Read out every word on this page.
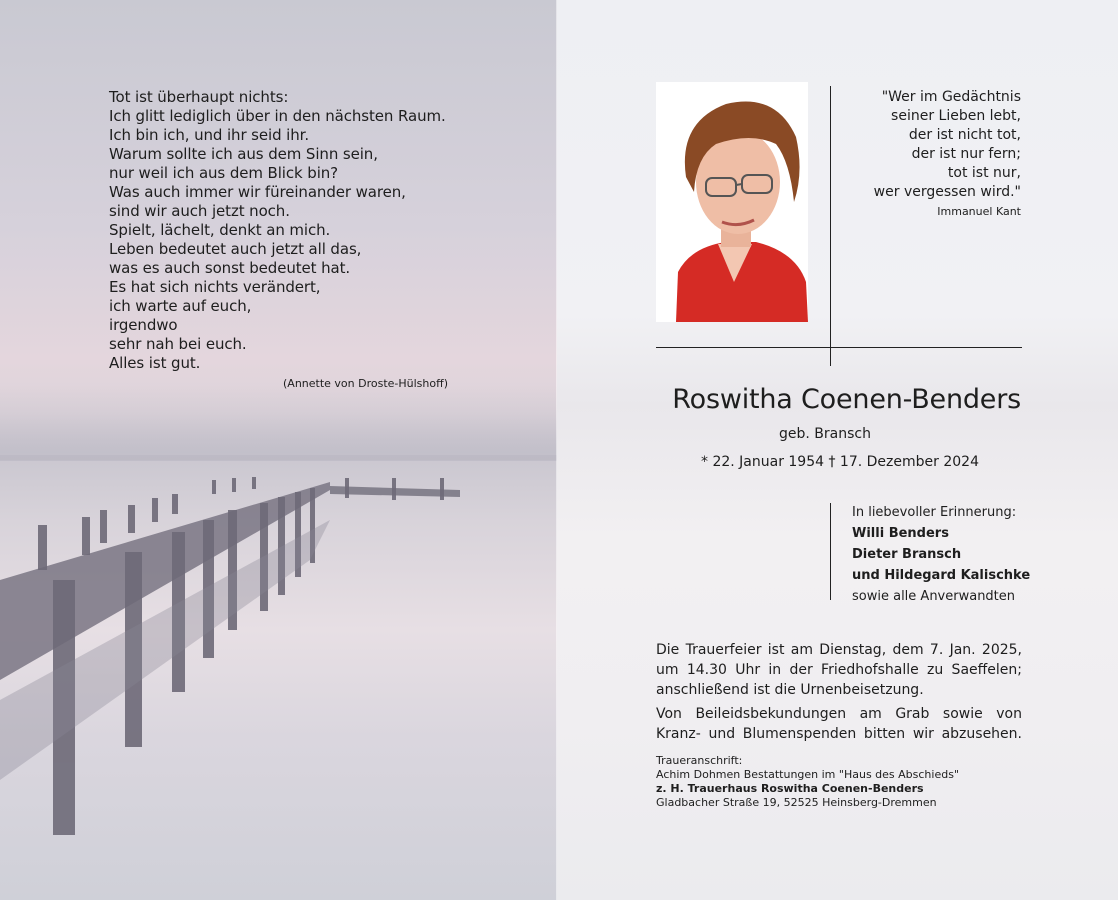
Tot ist überhaupt nichts:
Ich glitt lediglich über in den nächsten Raum.
Ich bin ich, und ihr seid ihr.
Warum sollte ich aus dem Sinn sein,
nur weil ich aus dem Blick bin?
Was auch immer wir füreinander waren,
sind wir auch jetzt noch.
Spielt, lächelt, denkt an mich.
Leben bedeutet auch jetzt all das,
was es auch sonst bedeutet hat.
Es hat sich nichts verändert,
ich warte auf euch,
irgendwo
sehr nah bei euch.
Alles ist gut.
(Annette von Droste-Hülshoff)
"Wer im Gedächtnis
seiner Lieben lebt,
der ist nicht tot,
der ist nur fern;
tot ist nur,
wer vergessen wird."
Immanuel Kant
Roswitha Coenen-Benders
geb. Bransch
* 22. Januar 1954 † 17. Dezember 2024
In liebevoller Erinnerung:
Willi Benders
Dieter Bransch
und Hildegard Kalischke
sowie alle Anverwandten

Die Trauerfeier ist am Dienstag, dem 7. Jan. 2025,
um 14.30 Uhr in der Friedhofshalle zu Saeffelen;
anschließend ist die Urnenbeisetzung.

Von Beileidsbekundungen am Grab sowie von
Kranz- und Blumenspenden bitten wir abzusehen.

Traueranschrift:
Achim Dohmen Bestattungen im "Haus des Abschieds"
z. H. Trauerhaus Roswitha Coenen-Benders
Gladbacher Straße 19, 52525 Heinsberg-Dremmen
